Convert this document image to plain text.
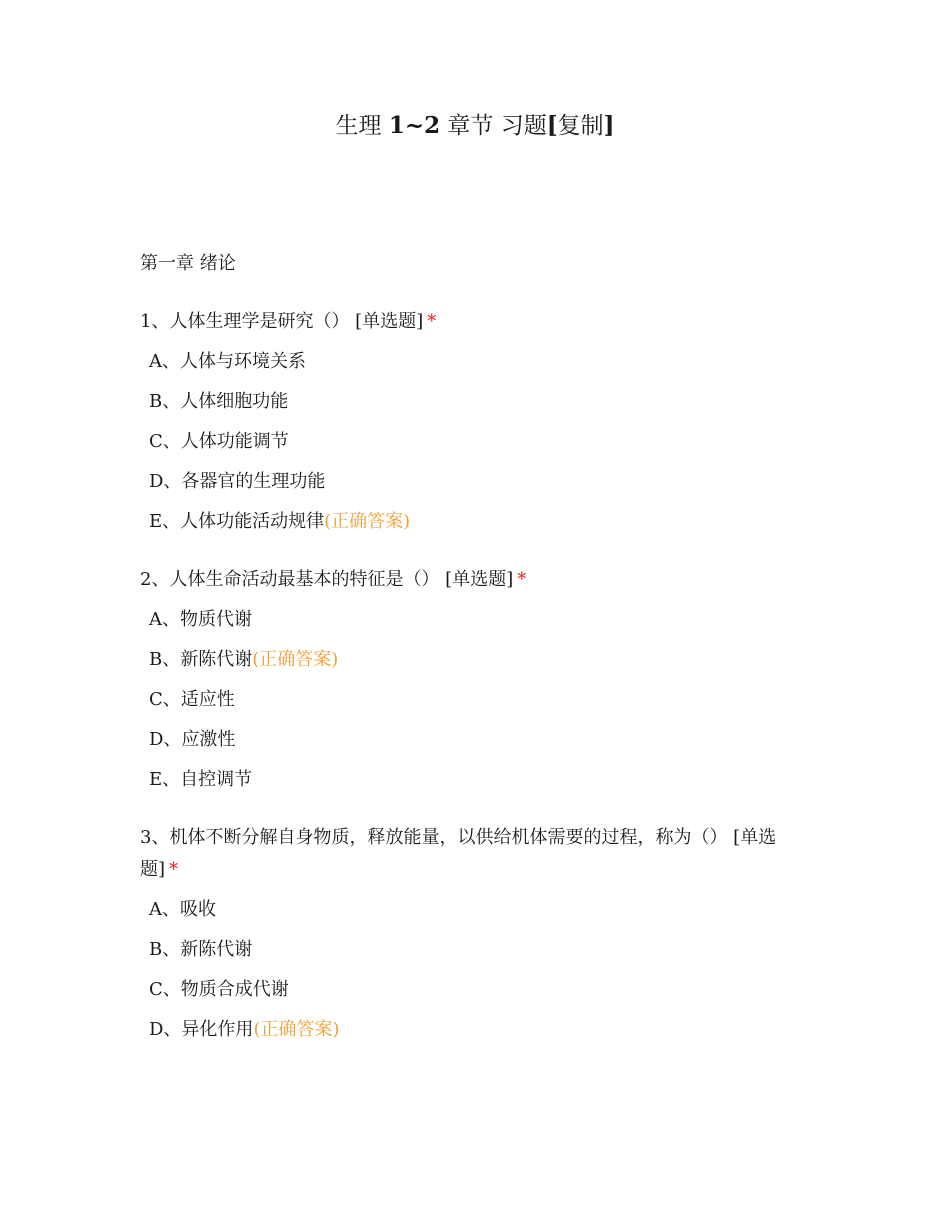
生理 1~2 章节 习题[复制]
第一章 绪论
1、人体生理学是研究（） [单选题] *
A、人体与环境关系
B、人体细胞功能
C、人体功能调节
D、各器官的生理功能
E、人体功能活动规律(正确答案)
2、人体生命活动最基本的特征是（） [单选题] *
A、物质代谢
B、新陈代谢(正确答案)
C、适应性
D、应激性
E、自控调节
3、机体不断分解自身物质，释放能量，以供给机体需要的过程，称为（） [单选题] *
A、吸收
B、新陈代谢
C、物质合成代谢
D、异化作用(正确答案)
